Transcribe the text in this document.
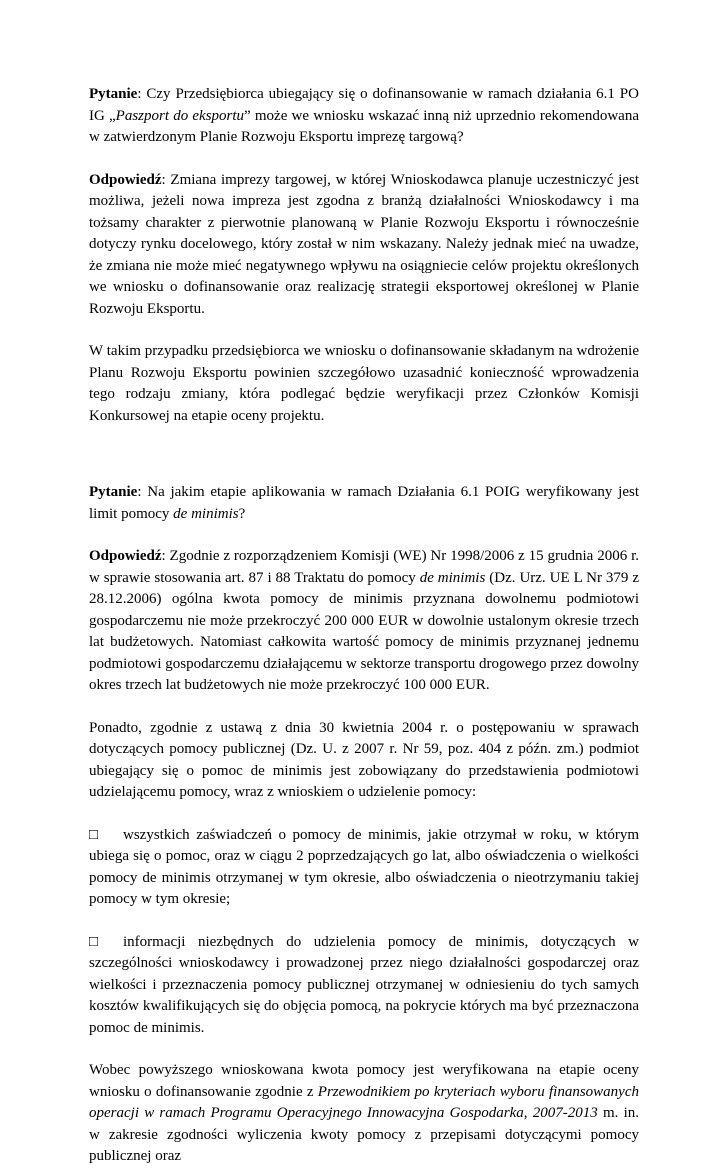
Pytanie: Czy Przedsiębiorca ubiegający się o dofinansowanie w ramach działania 6.1 PO IG „Paszport do eksportu” może we wniosku wskazać inną niż uprzednio rekomendowana w zatwierdzonym Planie Rozwoju Eksportu imprezę targową?

Odpowiedź: Zmiana imprezy targowej, w której Wnioskodawca planuje uczestniczyć jest możliwa, jeżeli nowa impreza jest zgodna z branżą działalności Wnioskodawcy i ma tożsamy charakter z pierwotnie planowaną w Planie Rozwoju Eksportu i równocześnie dotyczy rynku docelowego, który został w nim wskazany. Należy jednak mieć na uwadze, że zmiana nie może mieć negatywnego wpływu na osiągniecie celów projektu określonych we wniosku o dofinansowanie oraz realizację strategii eksportowej określonej w Planie Rozwoju Eksportu.

W takim przypadku przedsiębiorca we wniosku o dofinansowanie składanym na wdrożenie Planu Rozwoju Eksportu powinien szczegółowo uzasadnić konieczność wprowadzenia tego rodzaju zmiany, która podlegać będzie weryfikacji przez Członków Komisji Konkursowej na etapie oceny projektu.

Pytanie: Na jakim etapie aplikowania w ramach Działania 6.1 POIG weryfikowany jest limit pomocy de minimis?

Odpowiedź: Zgodnie z rozporządzeniem Komisji (WE) Nr 1998/2006 z 15 grudnia 2006 r. w sprawie stosowania art. 87 i 88 Traktatu do pomocy de minimis (Dz. Urz. UE L Nr 379 z 28.12.2006) ogólna kwota pomocy de minimis przyznana dowolnemu podmiotowi gospodarczemu nie może przekroczyć 200 000 EUR w dowolnie ustalonym okresie trzech lat budżetowych. Natomiast całkowita wartość pomocy de minimis przyznanej jednemu podmiotowi gospodarczemu działającemu w sektorze transportu drogowego przez dowolny okres trzech lat budżetowych nie może przekroczyć 100 000 EUR.

Ponadto, zgodnie z ustawą z dnia 30 kwietnia 2004 r. o postępowaniu w sprawach dotyczących pomocy publicznej (Dz. U. z 2007 r. Nr 59, poz. 404 z późn. zm.) podmiot ubiegający się o pomoc de minimis jest zobowiązany do przedstawienia podmiotowi udzielającemu pomocy, wraz z wnioskiem o udzielenie pomocy:

□ wszystkich zaświadczeń o pomocy de minimis, jakie otrzymał w roku, w którym ubiega się o pomoc, oraz w ciągu 2 poprzedzających go lat, albo oświadczenia o wielkości pomocy de minimis otrzymanej w tym okresie, albo oświadczenia o nieotrzymaniu takiej pomocy w tym okresie;

□ informacji niezbędnych do udzielenia pomocy de minimis, dotyczących w szczególności wnioskodawcy i prowadzonej przez niego działalności gospodarczej oraz wielkości i przeznaczenia pomocy publicznej otrzymanej w odniesieniu do tych samych kosztów kwalifikujących się do objęcia pomocą, na pokrycie których ma być przeznaczona pomoc de minimis.

Wobec powyższego wnioskowana kwota pomocy jest weryfikowana na etapie oceny wniosku o dofinansowanie zgodnie z Przewodnikiem po kryteriach wyboru finansowanych operacji w ramach Programu Operacyjnego Innowacyjna Gospodarka, 2007-2013 m. in. w zakresie zgodności wyliczenia kwoty pomocy z przepisami dotyczącymi pomocy publicznej oraz
